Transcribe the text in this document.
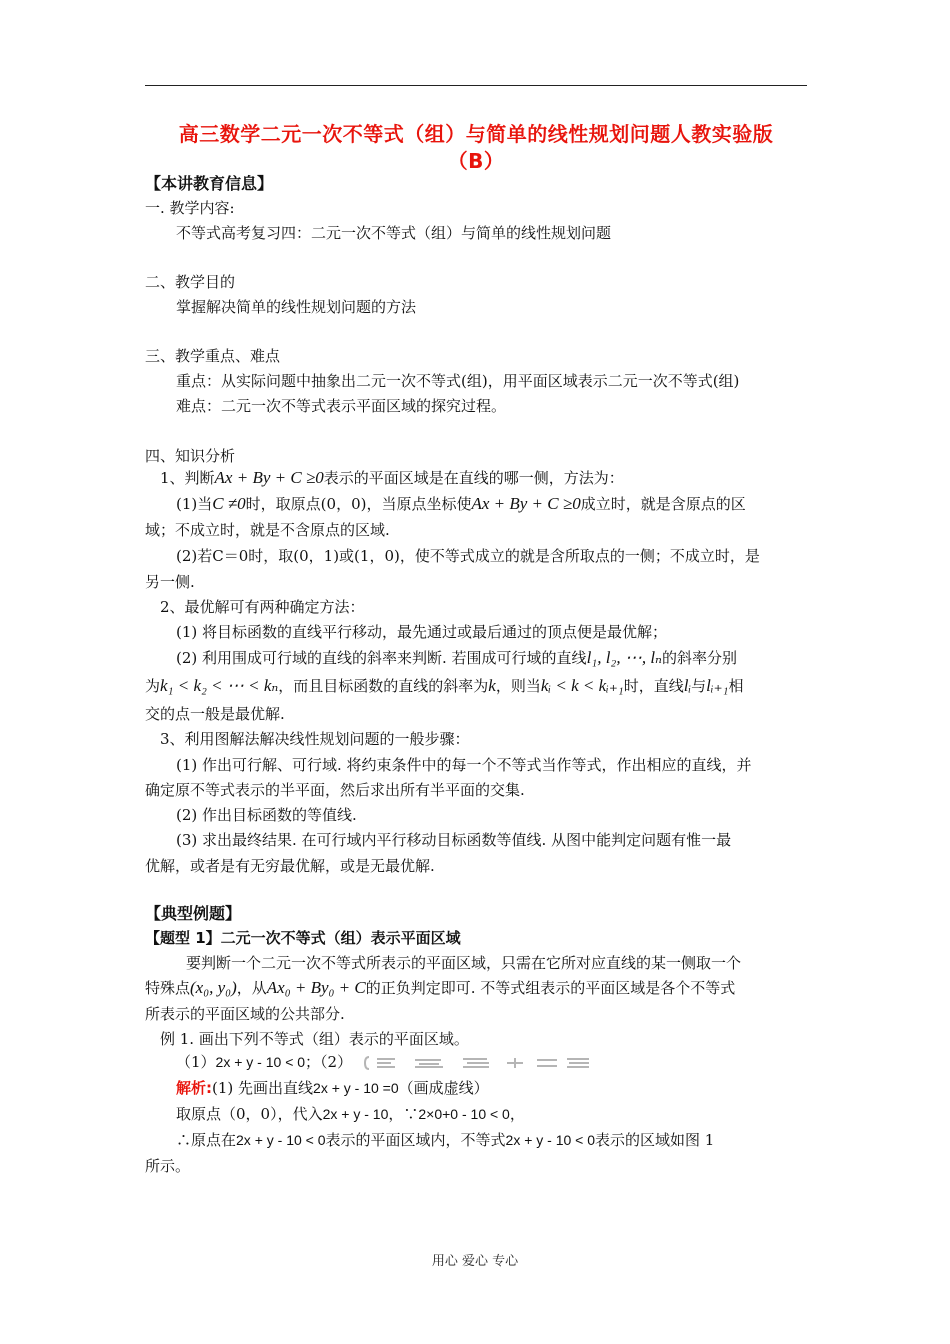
高三数学二元一次不等式（组）与简单的线性规划问题人教实验版
（B）
【本讲教育信息】
一. 教学内容:
不等式高考复习四：二元一次不等式（组）与简单的线性规划问题
二、教学目的
掌握解决简单的线性规划问题的方法
三、教学重点、难点
重点：从实际问题中抽象出二元一次不等式(组)，用平面区域表示二元一次不等式(组)
难点：二元一次不等式表示平面区域的探究过程。
四、知识分析
1、判断Ax + By + C ≥0表示的平面区域是在直线的哪一侧，方法为：
(1)当C ≠0时，取原点(0，0)，当原点坐标使Ax + By + C ≥0成立时，就是含原点的区
域；不成立时，就是不含原点的区域.
(2)若C＝0时，取(0，1)或(1，0)，使不等式成立的就是含所取点的一侧；不成立时，是
另一侧.
2、最优解可有两种确定方法：
(1) 将目标函数的直线平行移动，最先通过或最后通过的顶点便是最优解；
(2) 利用围成可行域的直线的斜率来判断. 若围成可行域的直线l₁, l₂, ⋯, lₙ的斜率分别
为k₁ < k₂ < ⋯ < kₙ，而且目标函数的直线的斜率为k，则当kᵢ < k < kᵢ₊₁时，直线lᵢ与lᵢ₊₁相
交的点一般是最优解.
3、利用图解法解决线性规划问题的一般步骤：
(1) 作出可行解、可行域. 将约束条件中的每一个不等式当作等式，作出相应的直线，并
确定原不等式表示的半平面，然后求出所有半平面的交集.
(2) 作出目标函数的等值线.
(3) 求出最终结果. 在可行域内平行移动目标函数等值线. 从图中能判定问题有惟一最
优解，或者是有无穷最优解，或是无最优解.
【典型例题】
【题型 1】二元一次不等式（组）表示平面区域
要判断一个二元一次不等式所表示的平面区域，只需在它所对应直线的某一侧取一个
特殊点(x₀, y₀)，从Ax₀ + By₀ + C的正负判定即可. 不等式组表示的平面区域是各个不等式
所表示的平面区域的公共部分.
例 1. 画出下列不等式（组）表示的平面区域。
（1）2x + y - 10 < 0；（2）
解析:(1) 先画出直线2x + y - 10 =0（画成虚线）
取原点（0，0），代入2x + y - 10，∵2×0+0 - 10 < 0，
∴原点在2x + y - 10 < 0表示的平面区域内，不等式2x + y - 10 < 0表示的区域如图 1
所示。
用心 爱心 专心
